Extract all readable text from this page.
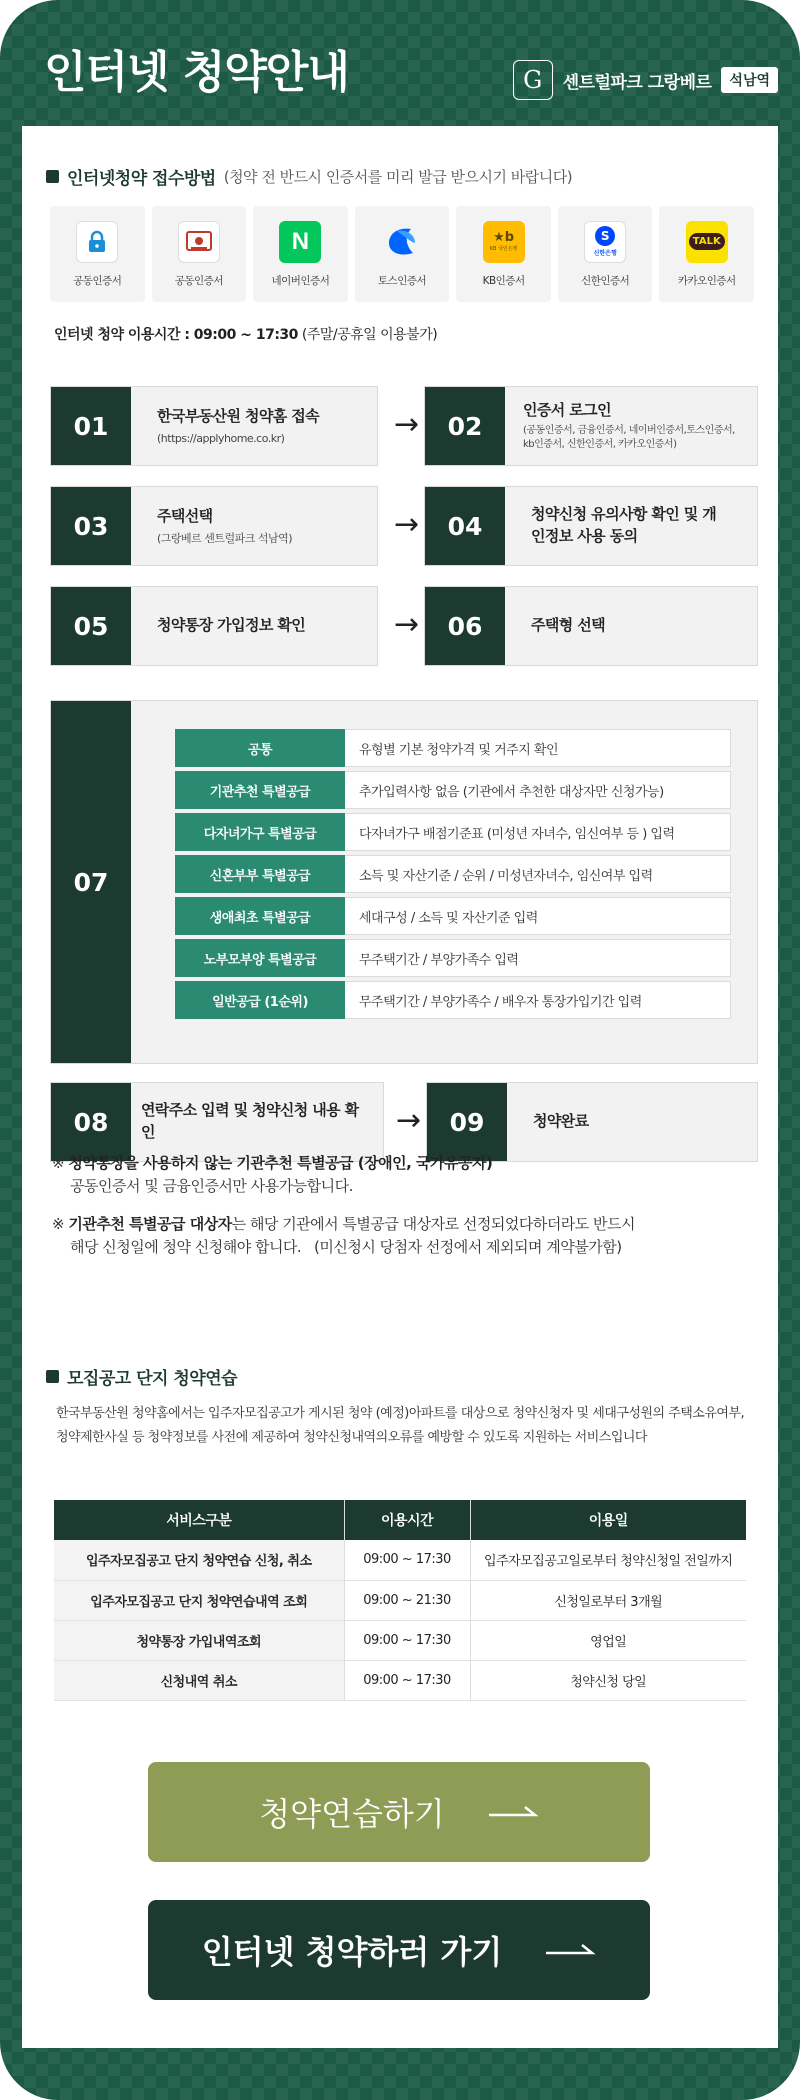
인터넷 청약안내	G	센트럴파크 그랑베르	석남역
인터넷청약 접수방법 (청약 전 반드시 인증서를 미리 발급 받으시기 바랍니다)
공동인증서	공동인증서
N
네이버인증서	토스인증서
★b
KB 국민은행
KB인증서
S
신한은행
신한인증서
TALK
카카오인증서
인터넷 청약 이용시간 : 09:00 ~ 17:30 (주말/공휴일 이용불가)
01	한국부동산원 청약홈 접속
(https://applyhome.co.kr)	→	02
인증서 로그인
(공동인증서, 금융인증서, 네이버인증서,토스인증서, kb인증서, 신한인증서, 카카오인증서)
03	주택선택
(그랑베르 센트럴파크 석남역)	→	04	청약신청 유의사항 확인 및 개인정보 사용 동의
05	청약통장 가입정보 확인	→	06	주택형 선택
07
공통	유형별 기본 청약가격 및 거주지 확인
기관추천 특별공급	추가입력사항 없음 (기관에서 추천한 대상자만 신청가능)
다자녀가구 특별공급	다자녀가구 배점기준표 (미성년 자녀수, 임신여부 등 ) 입력
신혼부부 특별공급	소득 및 자산기준 / 순위 / 미성년자녀수, 임신여부 입력
생애최초 특별공급	세대구성 / 소득 및 자산기준 입력
노부모부양 특별공급	무주택기간 / 부양가족수 입력
일반공급 (1순위)	무주택기간 / 부양가족수 / 배우자 통장가입기간 입력
08	연락주소 입력 및 청약신청 내용 확인	→	09	청약완료
※ 청약통장을 사용하지 않는 기관추천 특별공급 (장애인, 국가유공자)
공동인증서 및 금융인증서만 사용가능합니다.
※ 기관추천 특별공급 대상자는 해당 기관에서 특별공급 대상자로 선정되었다하더라도 반드시
해당 신청일에 청약 신청해야 합니다.   (미신청시 당첨자 선정에서 제외되며 계약불가함)
모집공고 단지 청약연습
한국부동산원 청약홈에서는 입주자모집공고가 게시된 청약 (예정)아파트를 대상으로 청약신청자 및 세대구성원의 주택소유여부, 청약제한사실 등 청약정보를 사전에 제공하여 청약신청내역의오류를 예방할 수 있도록 지원하는 서비스입니다
서비스구분	이용시간	이용일
입주자모집공고 단지 청약연습 신청, 취소	09:00 ~ 17:30	입주자모집공고일로부터 청약신청일 전일까지
입주자모집공고 단지 청약연습내역 조회	09:00 ~ 21:30	신청일로부터 3개월
청약통장 가입내역조회	09:00 ~ 17:30	영업일
신청내역 취소	09:00 ~ 17:30	청약신청 당일
청약연습하기
인터넷 청약하러 가기
